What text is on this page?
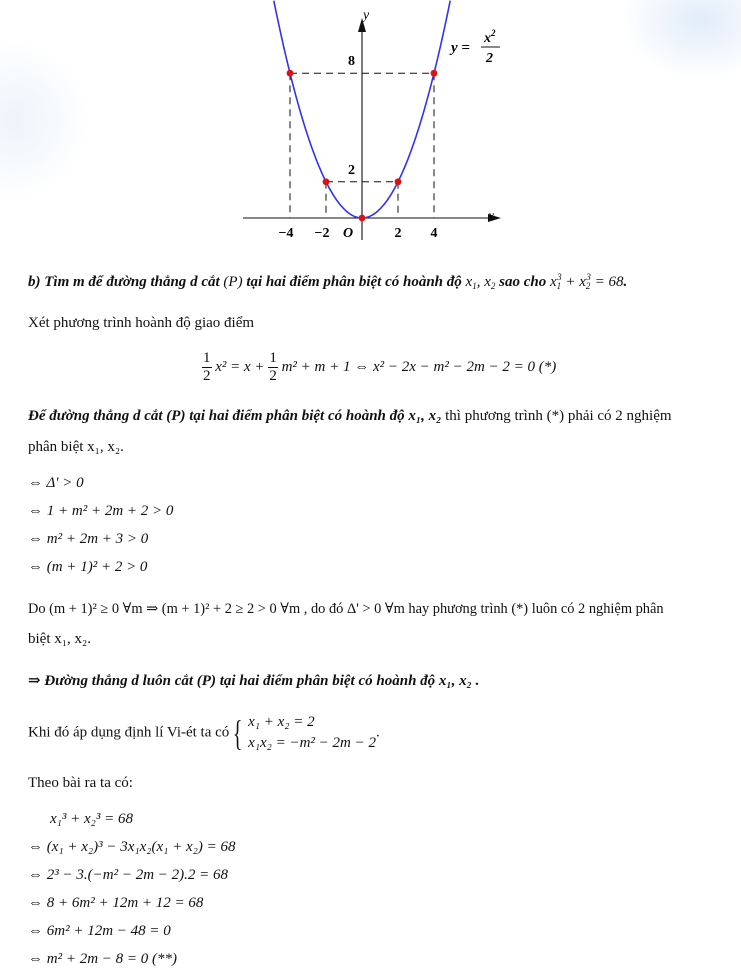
y
x
O
−4 −2	2 4
8
2
y =
$x^2$
2
b) Tìm m để đường thẳng d cắt (P) tại hai điểm phân biệt có hoành độ $x_1$, $x_2$ sao cho $x_1^3 + x_2^3 = 68$.
Xét phương trình hoành độ giao điểm
$\frac{1}{2} x^2 = x + \frac{1}{2} m^2 + m + 1$ ⇔ x² − 2x − m² − 2m − 2 = 0 (*)
Để đường thẳng d cắt (P) tại hai điểm phân biệt có hoành độ x₁, x₂ thì phương trình (*) phải có 2 nghiệm
phân biệt x₁, x₂.
⇔ Δ' > 0
⇔ 1 + m² + 2m + 2 > 0
⇔ m² + 2m + 3 > 0
⇔ (m + 1)² + 2 > 0
Do (m + 1)² ≥ 0 ∀m ⇒ (m + 1)² + 2 ≥ 2 > 0 ∀m , do đó Δ' > 0 ∀m hay phương trình (*) luôn có 2 nghiệm phân
biệt x₁, x₂.
⇒ Đường thẳng d luôn cắt (P) tại hai điểm phân biệt có hoành độ x₁, x₂ .
Khi đó áp dụng định lí Vi-ét ta có { x₁ + x₂ = 2
x₁x₂ = −m² − 2m − 2.
Theo bài ra ta có:
x₁³ + x₂³ = 68
⇔ (x₁ + x₂)³ − 3x₁x₂(x₁ + x₂) = 68
⇔ 2³ − 3.(−m² − 2m − 2).2 = 68
⇔ 8 + 6m² + 12m + 12 = 68
⇔ 6m² + 12m − 48 = 0
⇔ m² + 2m − 8 = 0 (**)
